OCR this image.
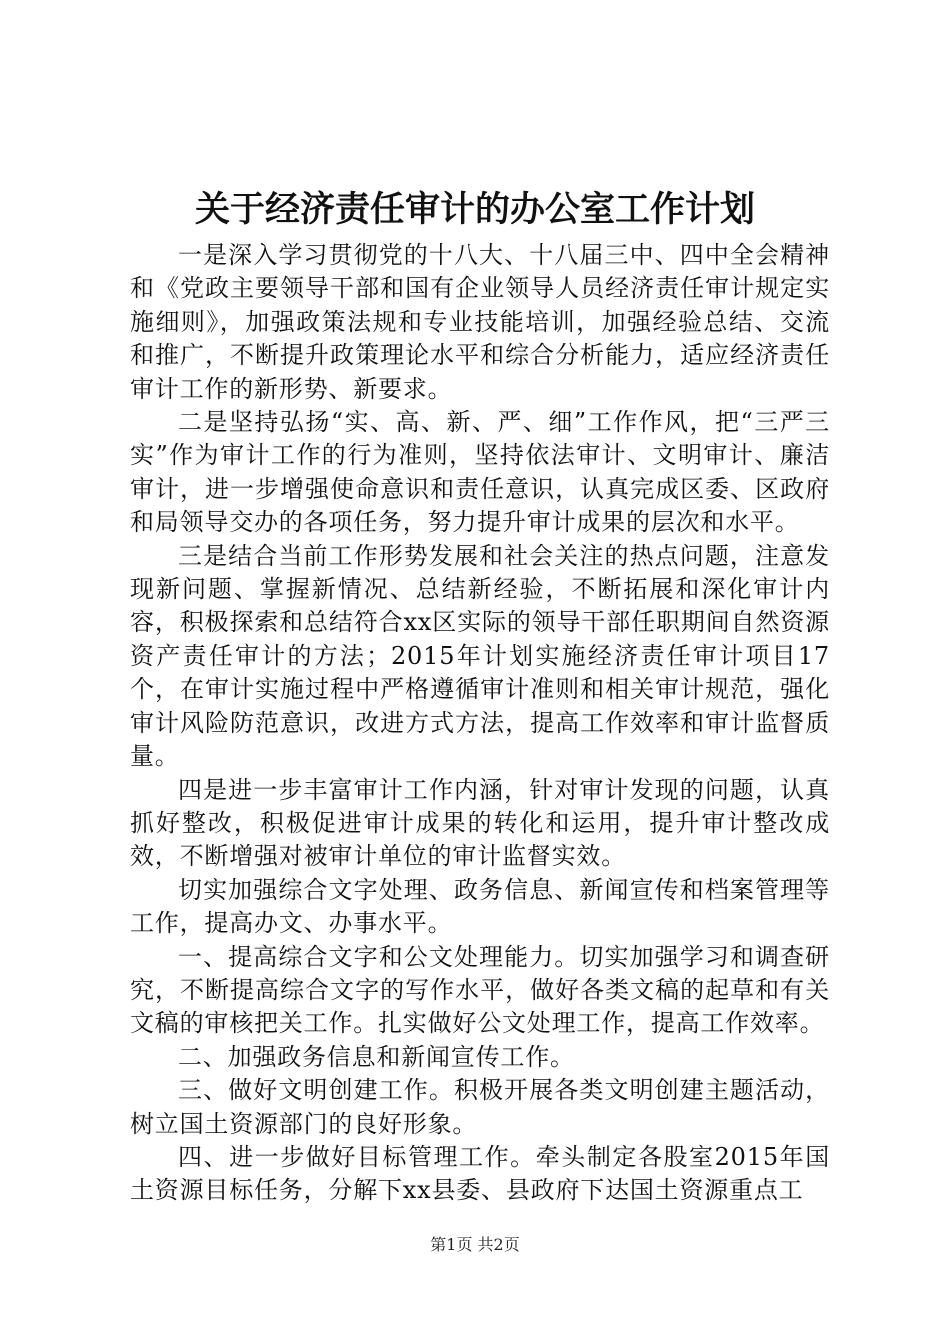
关于经济责任审计的办公室工作计划

一是深入学习贯彻党的十八大、十八届三中、四中全会精神和《党政主要领导干部和国有企业领导人员经济责任审计规定实施细则》，加强政策法规和专业技能培训，加强经验总结、交流和推广，不断提升政策理论水平和综合分析能力，适应经济责任审计工作的新形势、新要求。

二是坚持弘扬“实、高、新、严、细”工作作风，把“三严三实”作为审计工作的行为准则，坚持依法审计、文明审计、廉洁审计，进一步增强使命意识和责任意识，认真完成区委、区政府和局领导交办的各项任务，努力提升审计成果的层次和水平。

三是结合当前工作形势发展和社会关注的热点问题，注意发现新问题、掌握新情况、总结新经验，不断拓展和深化审计内容，积极探索和总结符合xx区实际的领导干部任职期间自然资源资产责任审计的方法；2015年计划实施经济责任审计项目17个，在审计实施过程中严格遵循审计准则和相关审计规范，强化审计风险防范意识，改进方式方法，提高工作效率和审计监督质量。

四是进一步丰富审计工作内涵，针对审计发现的问题，认真抓好整改，积极促进审计成果的转化和运用，提升审计整改成效，不断增强对被审计单位的审计监督实效。

切实加强综合文字处理、政务信息、新闻宣传和档案管理等工作，提高办文、办事水平。

一、提高综合文字和公文处理能力。切实加强学习和调查研究，不断提高综合文字的写作水平，做好各类文稿的起草和有关文稿的审核把关工作。扎实做好公文处理工作，提高工作效率。

二、加强政务信息和新闻宣传工作。

三、做好文明创建工作。积极开展各类文明创建主题活动，树立国土资源部门的良好形象。

四、进一步做好目标管理工作。牵头制定各股室2015年国土资源目标任务，分解下xx县委、县政府下达国土资源重点工

第1页 共2页
